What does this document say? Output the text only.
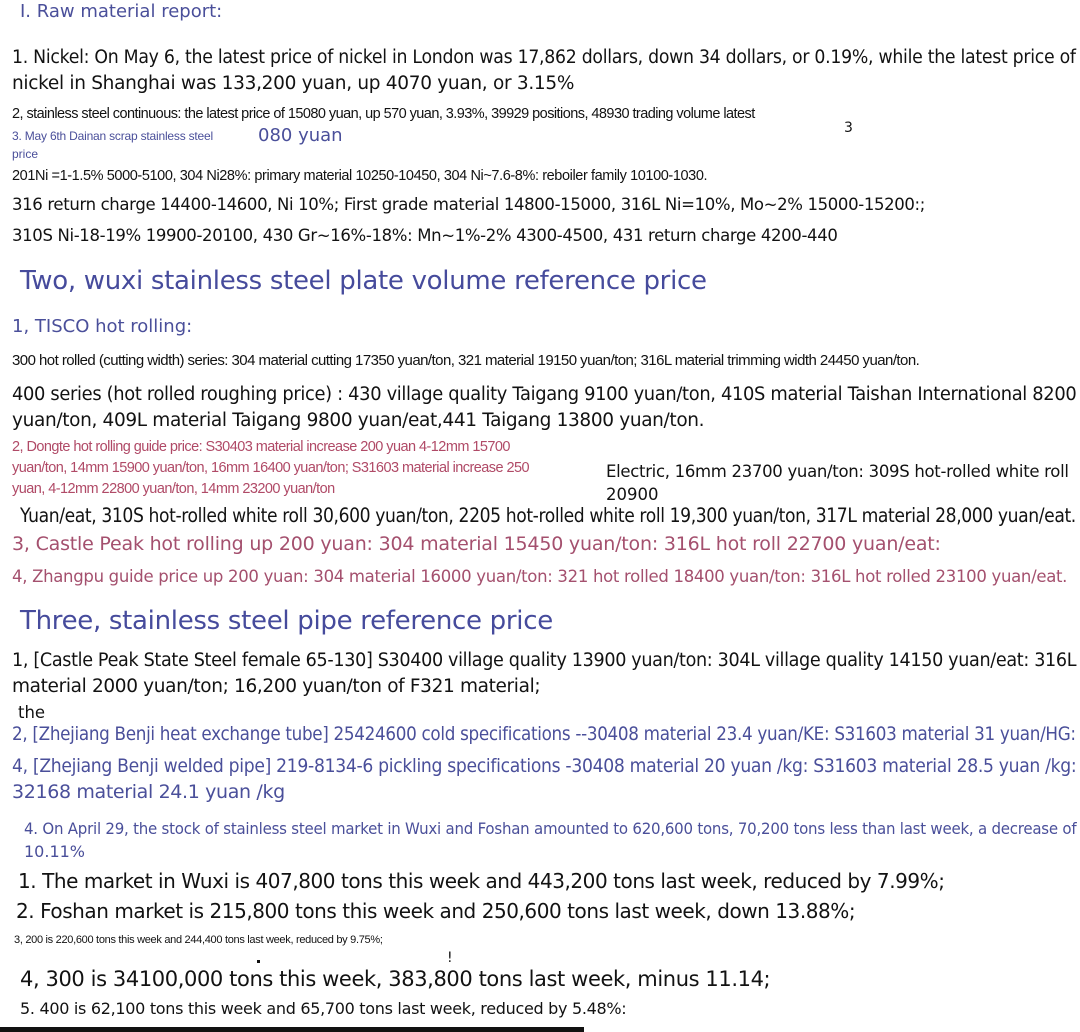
I. Raw material report:
1. Nickel: On May 6, the latest price of nickel in London was 17,862 dollars, down 34 dollars, or 0.19%, while the latest price of
nickel in Shanghai was 133,200 yuan, up 4070 yuan, or 3.15%
2, stainless steel continuous: the latest price of 15080 yuan, up 570 yuan, 3.93%, 39929 positions, 48930 trading volume latest
3
3. May 6th Dainan scrap stainless steel	080 yuan
price
201Ni =1-1.5% 5000-5100, 304 Ni28%: primary material 10250-10450, 304 Ni~7.6-8%: reboiler family 10100-1030.
316 return charge 14400-14600, Ni 10%; First grade material 14800-15000, 316L Ni=10%, Mo~2% 15000-15200:;
310S Ni-18-19% 19900-20100, 430 Gr~16%-18%: Mn~1%-2% 4300-4500, 431 return charge 4200-440
Two, wuxi stainless steel plate volume reference price
1, TISCO hot rolling:
300 hot rolled (cutting width) series: 304 material cutting 17350 yuan/ton, 321 material 19150 yuan/ton; 316L material trimming width 24450 yuan/ton.
400 series (hot rolled roughing price) : 430 village quality Taigang 9100 yuan/ton, 410S material Taishan International 8200
yuan/ton, 409L material Taigang 9800 yuan/eat,441 Taigang 13800 yuan/ton.
2, Dongte hot rolling guide price: S30403 material increase 200 yuan 4-12mm 15700
yuan/ton, 14mm 15900 yuan/ton, 16mm 16400 yuan/ton; S31603 material increase 250
yuan, 4-12mm 22800 yuan/ton, 14mm 23200 yuan/ton
Electric, 16mm 23700 yuan/ton: 309S hot-rolled white roll
20900
Yuan/eat, 310S hot-rolled white roll 30,600 yuan/ton, 2205 hot-rolled white roll 19,300 yuan/ton, 317L material 28,000 yuan/eat.
3, Castle Peak hot rolling up 200 yuan: 304 material 15450 yuan/ton: 316L hot roll 22700 yuan/eat:
4, Zhangpu guide price up 200 yuan: 304 material 16000 yuan/ton: 321 hot rolled 18400 yuan/ton: 316L hot rolled 23100 yuan/eat.
Three, stainless steel pipe reference price
1, [Castle Peak State Steel female 65-130] S30400 village quality 13900 yuan/ton: 304L village quality 14150 yuan/eat: 316L
material 2000 yuan/ton; 16,200 yuan/ton of F321 material;
the
2, [Zhejiang Benji heat exchange tube] 25424600 cold specifications --30408 material 23.4 yuan/KE: S31603 material 31 yuan/HG:
4, [Zhejiang Benji welded pipe] 219-8134-6 pickling specifications -30408 material 20 yuan /kg: S31603 material 28.5 yuan /kg:
32168 material 24.1 yuan /kg
4. On April 29, the stock of stainless steel market in Wuxi and Foshan amounted to 620,600 tons, 70,200 tons less than last week, a decrease of
10.11%
1. The market in Wuxi is 407,800 tons this week and 443,200 tons last week, reduced by 7.99%;
2. Foshan market is 215,800 tons this week and 250,600 tons last week, down 13.88%;
3, 200 is 220,600 tons this week and 244,400 tons last week, reduced by 9.75%;
!
4, 300 is 34100,000 tons this week, 383,800 tons last week, minus 11.14;
5. 400 is 62,100 tons this week and 65,700 tons last week, reduced by 5.48%:
